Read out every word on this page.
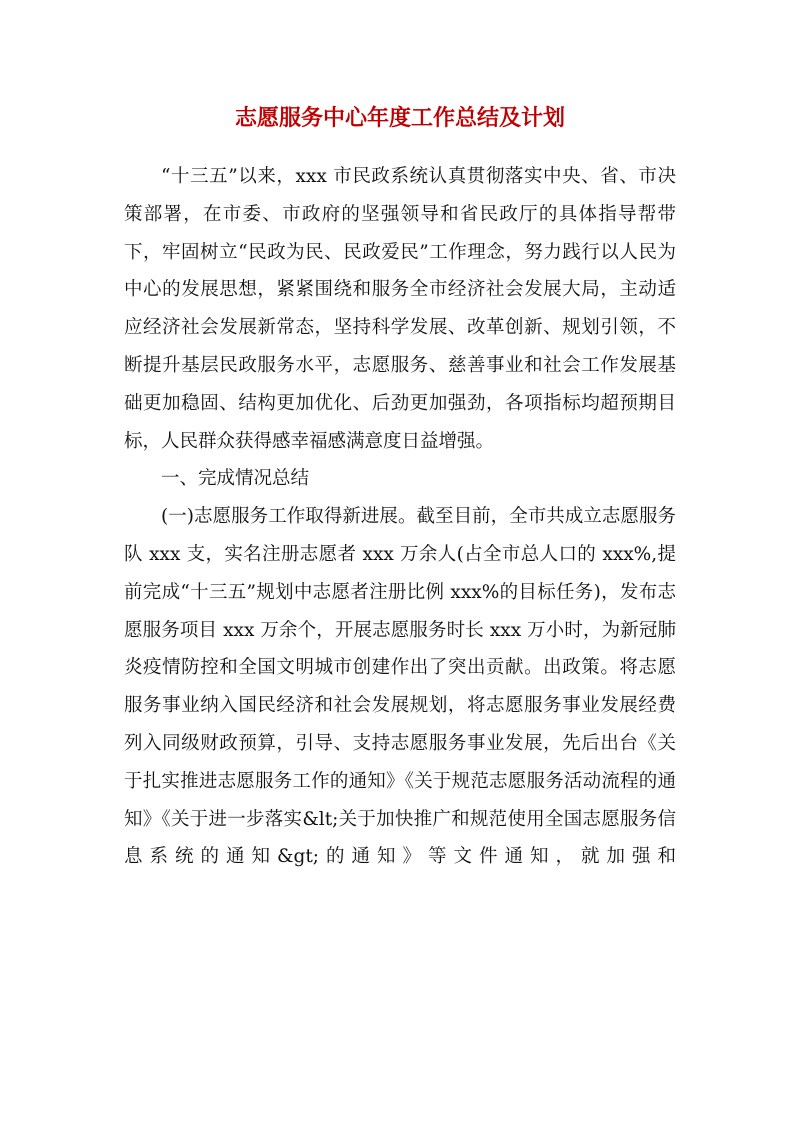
志愿服务中心年度工作总结及计划

“十三五”以来，xxx 市民政系统认真贯彻落实中央、省、市决策部署，在市委、市政府的坚强领导和省民政厅的具体指导帮带下，牢固树立“民政为民、民政爱民”工作理念，努力践行以人民为中心的发展思想，紧紧围绕和服务全市经济社会发展大局，主动适应经济社会发展新常态，坚持科学发展、改革创新、规划引领，不断提升基层民政服务水平，志愿服务、慈善事业和社会工作发展基础更加稳固、结构更加优化、后劲更加强劲，各项指标均超预期目标，人民群众获得感幸福感满意度日益增强。

一、完成情况总结

(一)志愿服务工作取得新进展。截至目前，全市共成立志愿服务队 xxx 支，实名注册志愿者 xxx 万余人(占全市总人口的 xxx%,提前完成“十三五”规划中志愿者注册比例 xxx%的目标任务)，发布志愿服务项目 xxx 万余个，开展志愿服务时长 xxx 万小时，为新冠肺炎疫情防控和全国文明城市创建作出了突出贡献。出政策。将志愿服务事业纳入国民经济和社会发展规划，将志愿服务事业发展经费列入同级财政预算，引导、支持志愿服务事业发展，先后出台《关于扎实推进志愿服务工作的通知》《关于规范志愿服务活动流程的通知》《关于进一步落实&lt;关于加快推广和规范使用全国志愿服务信息系统的通知&gt;的通知》等文件通知，就加强和
